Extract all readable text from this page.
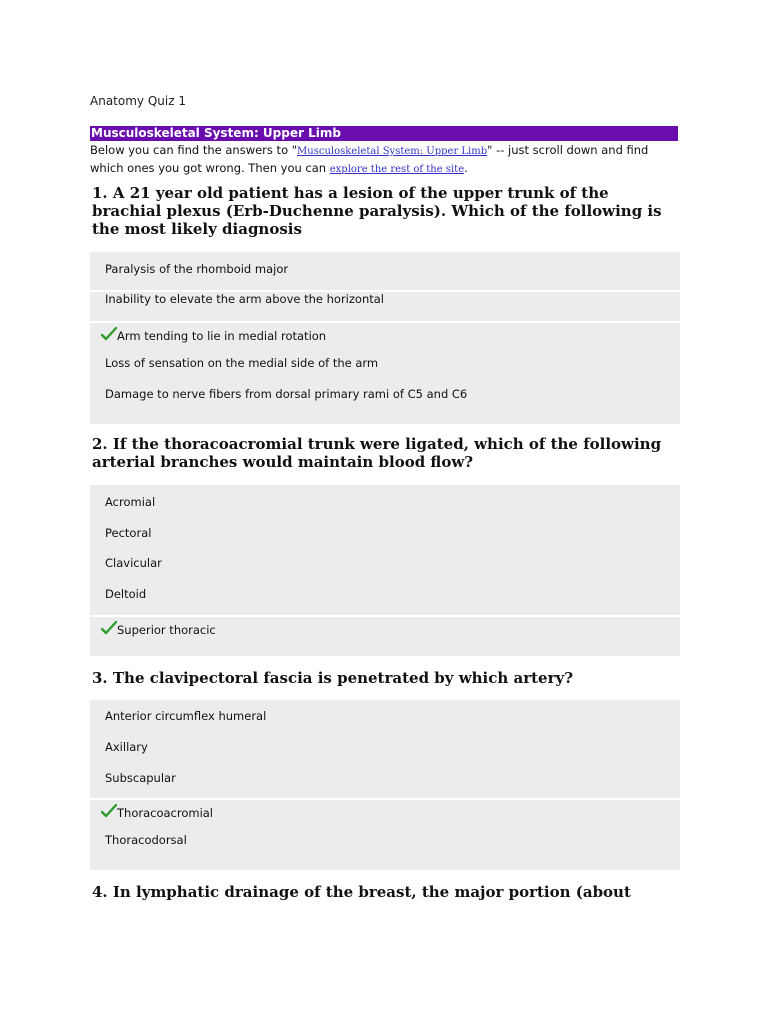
Anatomy Quiz 1
Musculoskeletal System: Upper Limb
Below you can find the answers to "Musculoskeletal System: Upper Limb" -- just scroll down and find which ones you got wrong. Then you can explore the rest of the site.
1. A 21 year old patient has a lesion of the upper trunk of the brachial plexus (Erb-Duchenne paralysis). Which of the following is the most likely diagnosis
Paralysis of the rhomboid major
Inability to elevate the arm above the horizontal
Arm tending to lie in medial rotation
Loss of sensation on the medial side of the arm
Damage to nerve fibers from dorsal primary rami of C5 and C6
2. If the thoracoacromial trunk were ligated, which of the following arterial branches would maintain blood flow?
Acromial
Pectoral
Clavicular
Deltoid
Superior thoracic
3. The clavipectoral fascia is penetrated by which artery?
Anterior circumflex humeral
Axillary
Subscapular
Thoracoacromial
Thoracodorsal
4. In lymphatic drainage of the breast, the major portion (about
